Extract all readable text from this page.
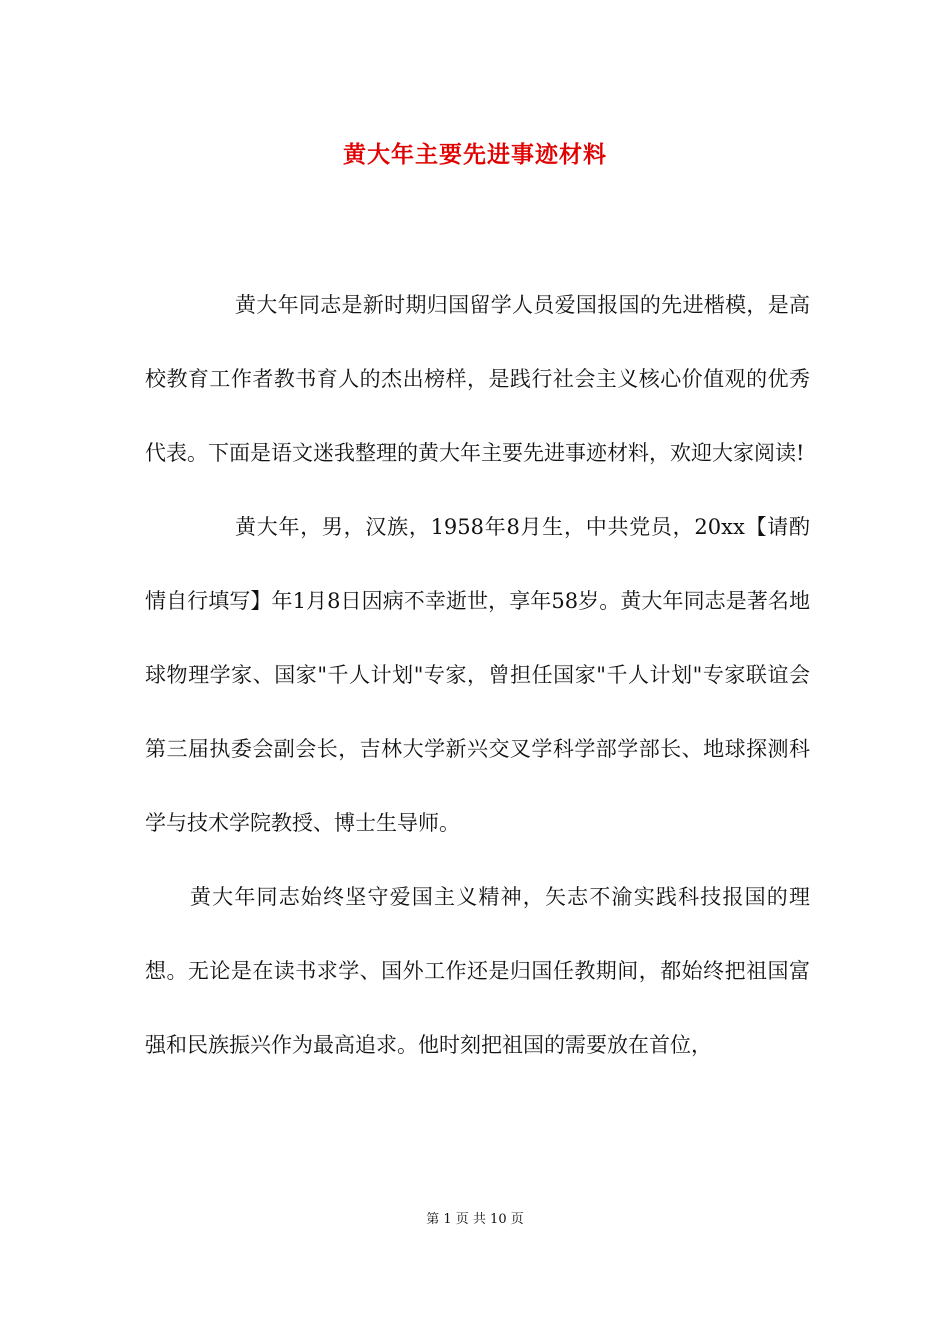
黄大年主要先进事迹材料

黄大年同志是新时期归国留学人员爱国报国的先进楷模，是高校教育工作者教书育人的杰出榜样，是践行社会主义核心价值观的优秀代表。下面是语文迷我整理的黄大年主要先进事迹材料，欢迎大家阅读!

黄大年，男，汉族，1958年8月生，中共党员，20xx【请酌情自行填写】年1月8日因病不幸逝世，享年58岁。黄大年同志是著名地球物理学家、国家"千人计划"专家，曾担任国家"千人计划"专家联谊会第三届执委会副会长，吉林大学新兴交叉学科学部学部长、地球探测科学与技术学院教授、博士生导师。

黄大年同志始终坚守爱国主义精神，矢志不渝实践科技报国的理想。无论是在读书求学、国外工作还是归国任教期间，都始终把祖国富强和民族振兴作为最高追求。他时刻把祖国的需要放在首位，

第 1 页 共 10 页
